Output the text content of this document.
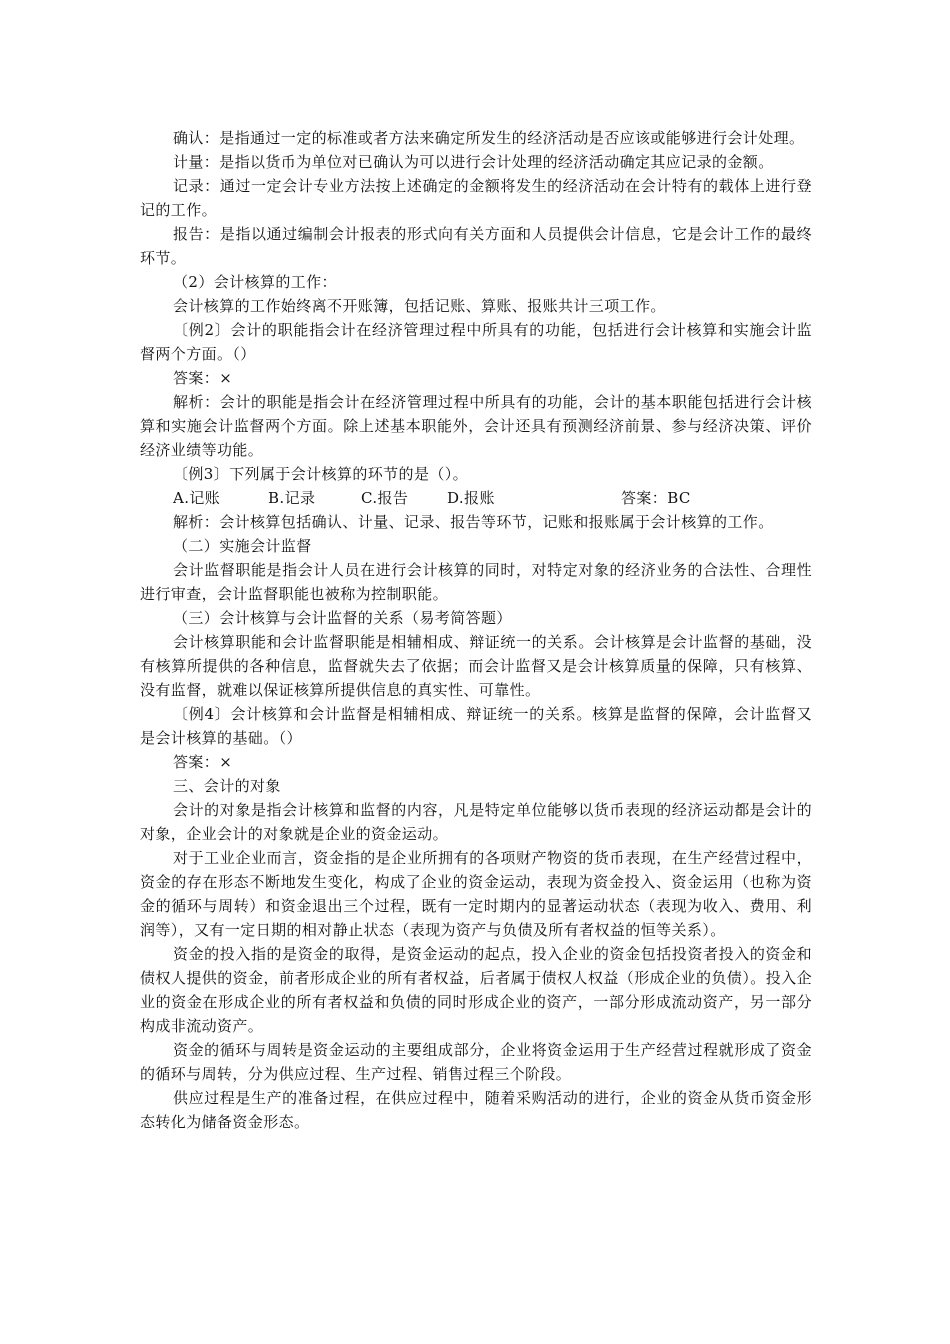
确认：是指通过一定的标准或者方法来确定所发生的经济活动是否应该或能够进行会计处理。

计量：是指以货币为单位对已确认为可以进行会计处理的经济活动确定其应记录的金额。

记录：通过一定会计专业方法按上述确定的金额将发生的经济活动在会计特有的载体上进行登记的工作。

报告：是指以通过编制会计报表的形式向有关方面和人员提供会计信息，它是会计工作的最终环节。

（2）会计核算的工作：

会计核算的工作始终离不开账簿，包括记账、算账、报账共计三项工作。

〔例2〕会计的职能指会计在经济管理过程中所具有的功能，包括进行会计核算和实施会计监督两个方面。（）

答案：×

解析：会计的职能是指会计在经济管理过程中所具有的功能，会计的基本职能包括进行会计核算和实施会计监督两个方面。除上述基本职能外，会计还具有预测经济前景、参与经济决策、评价经济业绩等功能。

〔例3〕下列属于会计核算的环节的是（）。

A.记账	B.记录	C.报告	D.报账	答案：BC

解析：会计核算包括确认、计量、记录、报告等环节，记账和报账属于会计核算的工作。

（二）实施会计监督

会计监督职能是指会计人员在进行会计核算的同时，对特定对象的经济业务的合法性、合理性进行审查，会计监督职能也被称为控制职能。

（三）会计核算与会计监督的关系（易考简答题）

会计核算职能和会计监督职能是相辅相成、辩证统一的关系。会计核算是会计监督的基础，没有核算所提供的各种信息，监督就失去了依据；而会计监督又是会计核算质量的保障，只有核算、没有监督，就难以保证核算所提供信息的真实性、可靠性。

〔例4〕会计核算和会计监督是相辅相成、辩证统一的关系。核算是监督的保障，会计监督又是会计核算的基础。（）

答案：×

三、会计的对象

会计的对象是指会计核算和监督的内容，凡是特定单位能够以货币表现的经济运动都是会计的对象，企业会计的对象就是企业的资金运动。

对于工业企业而言，资金指的是企业所拥有的各项财产物资的货币表现，在生产经营过程中，资金的存在形态不断地发生变化，构成了企业的资金运动，表现为资金投入、资金运用（也称为资金的循环与周转）和资金退出三个过程，既有一定时期内的显著运动状态（表现为收入、费用、利润等），又有一定日期的相对静止状态（表现为资产与负债及所有者权益的恒等关系）。

资金的投入指的是资金的取得，是资金运动的起点，投入企业的资金包括投资者投入的资金和债权人提供的资金，前者形成企业的所有者权益，后者属于债权人权益（形成企业的负债）。投入企业的资金在形成企业的所有者权益和负债的同时形成企业的资产，一部分形成流动资产，另一部分构成非流动资产。

资金的循环与周转是资金运动的主要组成部分，企业将资金运用于生产经营过程就形成了资金的循环与周转，分为供应过程、生产过程、销售过程三个阶段。

供应过程是生产的准备过程，在供应过程中，随着采购活动的进行，企业的资金从货币资金形态转化为储备资金形态。
